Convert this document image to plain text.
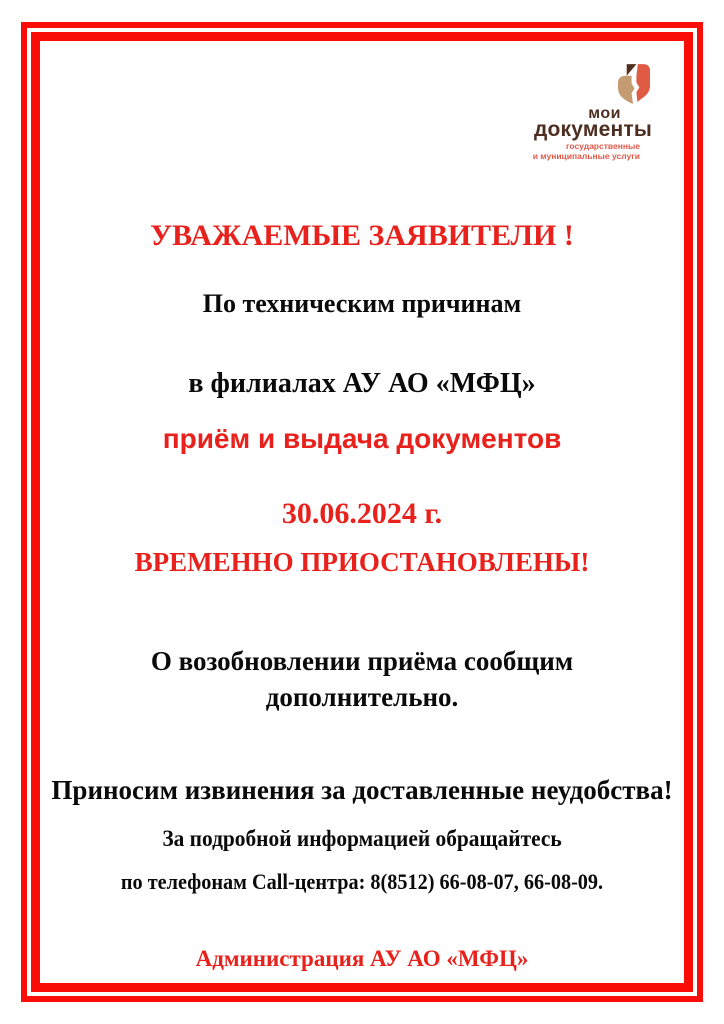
мои
документы
государственные
и муниципальные услуги
УВАЖАЕМЫЕ ЗАЯВИТЕЛИ !
По техническим причинам
в филиалах АУ АО «МФЦ»
приём и выдача документов
30.06.2024 г.
ВРЕМЕННО ПРИОСТАНОВЛЕНЫ!
О возобновлении приёма сообщим
дополнительно.
Приносим извинения за доставленные неудобства!
За подробной информацией обращайтесь
по телефонам Call-центра: 8(8512) 66-08-07, 66-08-09.
Администрация АУ АО «МФЦ»
